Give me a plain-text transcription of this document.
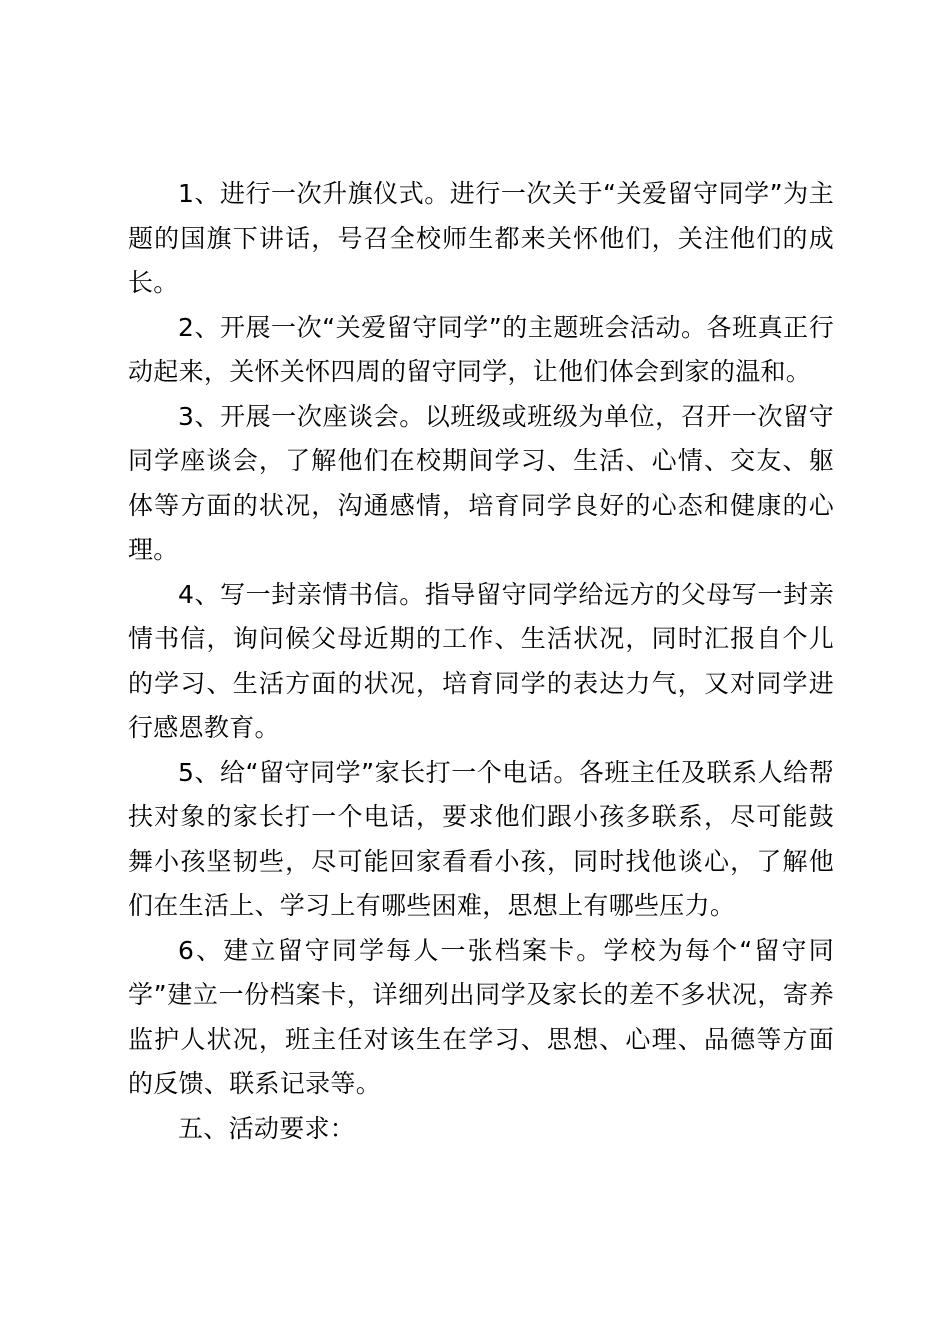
1、进行一次升旗仪式。进行一次关于“关爱留守同学”为主题的国旗下讲话，号召全校师生都来关怀他们，关注他们的成长。

2、开展一次“关爱留守同学”的主题班会活动。各班真正行动起来，关怀关怀四周的留守同学，让他们体会到家的温和。

3、开展一次座谈会。以班级或班级为单位，召开一次留守同学座谈会，了解他们在校期间学习、生活、心情、交友、躯体等方面的状况，沟通感情，培育同学良好的心态和健康的心理。

4、写一封亲情书信。指导留守同学给远方的父母写一封亲情书信，询问候父母近期的工作、生活状况，同时汇报自个儿的学习、生活方面的状况，培育同学的表达力气，又对同学进行感恩教育。

5、给“留守同学”家长打一个电话。各班主任及联系人给帮扶对象的家长打一个电话，要求他们跟小孩多联系，尽可能鼓舞小孩坚韧些，尽可能回家看看小孩，同时找他谈心，了解他们在生活上、学习上有哪些困难，思想上有哪些压力。

6、建立留守同学每人一张档案卡。学校为每个“留守同学”建立一份档案卡，详细列出同学及家长的差不多状况，寄养监护人状况，班主任对该生在学习、思想、心理、品德等方面的反馈、联系记录等。

五、活动要求：
